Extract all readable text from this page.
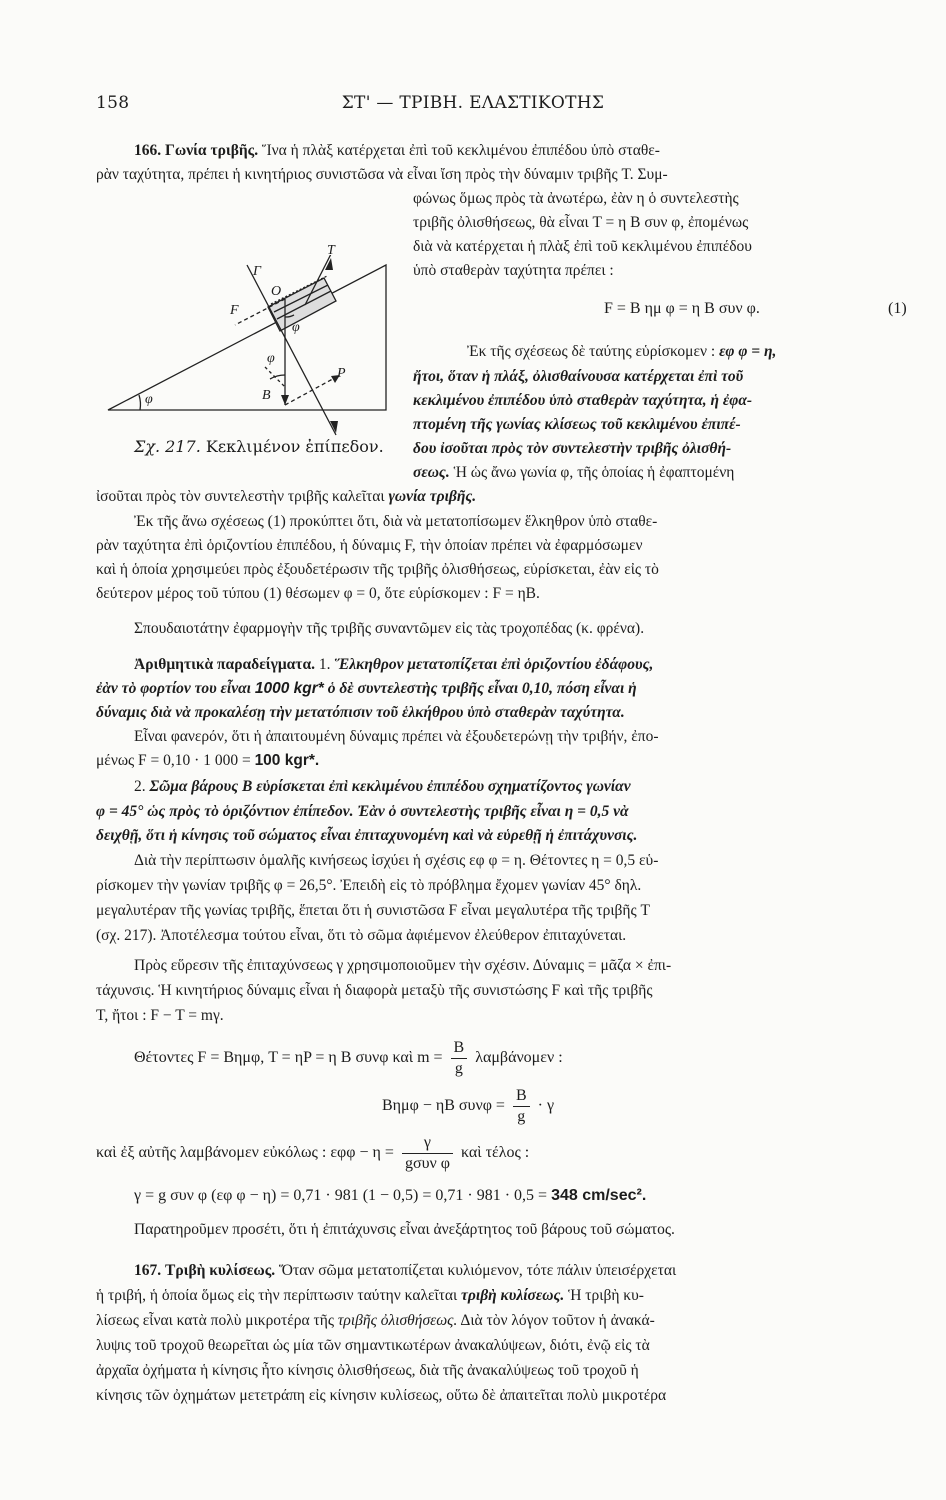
158	ΣΤ' — ΤΡΙΒΗ. ΕΛΑΣΤΙΚΟΤΗΣ
166. Γωνία τριβῆς. Ἵνα ἡ πλὰξ κατέρχεται ἐπὶ τοῦ κεκλιμένου ἐπιπέδου ὑπὸ σταθε-
ρὰν ταχύτητα, πρέπει ἡ κινητήριος συνιστῶσα νὰ εἶναι ἴση πρὸς τὴν δύναμιν τριβῆς T. Συμ-
φώνως ὅμως πρὸς τὰ ἀνωτέρω, ἐὰν η ὁ συντελεστὴς
τριβῆς ὀλισθήσεως, θὰ εἶναι T = η B συν φ, ἐπομένως
διὰ νὰ κατέρχεται ἡ πλὰξ ἐπὶ τοῦ κεκλιμένου ἐπιπέδου
ὑπὸ σταθερὰν ταχύτητα πρέπει :
F = B ημ φ = η B συν φ.	(1)
Ἐκ τῆς σχέσεως δὲ ταύτης εὑρίσκομεν : εφ φ = η,
ἤτοι, ὅταν ἡ πλάξ, ὀλισθαίνουσα κατέρχεται ἐπὶ τοῦ
κεκλιμένου ἐπιπέδου ὑπὸ σταθερὰν ταχύτητα, ἡ ἐφα-
πτομένη τῆς γωνίας κλίσεως τοῦ κεκλιμένου ἐπιπέ-
δου ἰσοῦται πρὸς τὸν συντελεστὴν τριβῆς ὀλισθή-
σεως. Ἡ ὡς ἄνω γωνία φ, τῆς ὁποίας ἡ ἐφαπτομένη
ἰσοῦται πρὸς τὸν συντελεστὴν τριβῆς καλεῖται γωνία τριβῆς.
Ἐκ τῆς ἄνω σχέσεως (1) προκύπτει ὅτι, διὰ νὰ μετατοπίσωμεν ἕλκηθρον ὑπὸ σταθε-
ρὰν ταχύτητα ἐπὶ ὁριζοντίου ἐπιπέδου, ἡ δύναμις F, τὴν ὁποίαν πρέπει νὰ ἐφαρμόσωμεν
καὶ ἡ ὁποία χρησιμεύει πρὸς ἐξουδετέρωσιν τῆς τριβῆς ὀλισθήσεως, εὑρίσκεται, ἐὰν εἰς τὸ
δεύτερον μέρος τοῦ τύπου (1) θέσωμεν φ = 0, ὅτε εὑρίσκομεν : F = ηB.
Σπουδαιοτάτην ἐφαρμογὴν τῆς τριβῆς συναντῶμεν εἰς τὰς τροχοπέδας (κ. φρένα).
Γ
T
O
F
φ
φ
φ	B
P
Σχ. 217. Κεκλιμένον ἐπίπεδον.
Ἀριθμητικὰ παραδείγματα. 1. Ἕλκηθρον μετατοπίζεται ἐπὶ ὁριζοντίου ἐδάφους,
ἐὰν τὸ φορτίον του εἶναι 1000 kgr* ὁ δὲ συντελεστὴς τριβῆς εἶναι 0,10, πόση εἶναι ἡ
δύναμις διὰ νὰ προκαλέσῃ τὴν μετατόπισιν τοῦ ἑλκήθρου ὑπὸ σταθερὰν ταχύτητα.
Εἶναι φανερόν, ὅτι ἡ ἀπαιτουμένη δύναμις πρέπει νὰ ἐξουδετερώνῃ τὴν τριβήν, ἐπο-
μένως F = 0,10 · 1 000 = 100 kgr*.
2. Σῶμα βάρους B εὑρίσκεται ἐπὶ κεκλιμένου ἐπιπέδου σχηματίζοντος γωνίαν
φ = 45° ὡς πρὸς τὸ ὁριζόντιον ἐπίπεδον. Ἐὰν ὁ συντελεστὴς τριβῆς εἶναι η = 0,5 νὰ
δειχθῇ, ὅτι ἡ κίνησις τοῦ σώματος εἶναι ἐπιταχυνομένη καὶ νὰ εὑρεθῇ ἡ ἐπιτάχυνσις.
Διὰ τὴν περίπτωσιν ὁμαλῆς κινήσεως ἰσχύει ἡ σχέσις εφ φ = η. Θέτοντες η = 0,5 εὑ-
ρίσκομεν τὴν γωνίαν τριβῆς φ = 26,5°. Ἐπειδὴ εἰς τὸ πρόβλημα ἔχομεν γωνίαν 45° δηλ.
μεγαλυτέραν τῆς γωνίας τριβῆς, ἕπεται ὅτι ἡ συνιστῶσα F εἶναι μεγαλυτέρα τῆς τριβῆς T
(σχ. 217). Ἀποτέλεσμα τούτου εἶναι, ὅτι τὸ σῶμα ἀφιέμενον ἐλεύθερον ἐπιταχύνεται.
Πρὸς εὕρεσιν τῆς ἐπιταχύνσεως γ χρησιμοποιοῦμεν τὴν σχέσιν. Δύναμις = μᾶζα × ἐπι-
τάχυνσις. Ἡ κινητήριος δύναμις εἶναι ἡ διαφορὰ μεταξὺ τῆς συνιστώσης F καὶ τῆς τριβῆς
T, ἤτοι : F − T = mγ.
Θέτοντες F = Bημφ, T = ηP = η B συνφ καὶ $m = \frac{B}{g}$ λαμβάνομεν :
Bημφ − ηB $\sigma\upsilon\nu\varphi = \frac{B}{g} \cdot \gamma$
καὶ ἐξ αὐτῆς λαμβάνομεν εὐκόλως : $\varepsilon\varphi\varphi - \eta = \frac{\gamma}{\text{gσυν φ}}$ καὶ τέλος :
γ = g συν φ (εφ φ − η) = 0,71 · 981 (1 − 0,5) = 0,71 · 981 · 0,5 = 348 cm/sec².
Παρατηροῦμεν προσέτι, ὅτι ἡ ἐπιτάχυνσις εἶναι ἀνεξάρτητος τοῦ βάρους τοῦ σώματος.
167. Τριβὴ κυλίσεως. Ὅταν σῶμα μετατοπίζεται κυλιόμενον, τότε πάλιν ὑπεισέρχεται
ἡ τριβή, ἡ ὁποία ὅμως εἰς τὴν περίπτωσιν ταύτην καλεῖται τριβὴ κυλίσεως. Ἡ τριβὴ κυ-
λίσεως εἶναι κατὰ πολὺ μικροτέρα τῆς τριβῆς ὀλισθήσεως. Διὰ τὸν λόγον τοῦτον ἡ ἀνακά-
λυψις τοῦ τροχοῦ θεωρεῖται ὡς μία τῶν σημαντικωτέρων ἀνακαλύψεων, διότι, ἐνῷ εἰς τὰ
ἀρχαῖα ὀχήματα ἡ κίνησις ἦτο κίνησις ὀλισθήσεως, διὰ τῆς ἀνακαλύψεως τοῦ τροχοῦ ἡ
κίνησις τῶν ὀχημάτων μετετράπη εἰς κίνησιν κυλίσεως, οὕτω δὲ ἀπαιτεῖται πολὺ μικροτέρα
